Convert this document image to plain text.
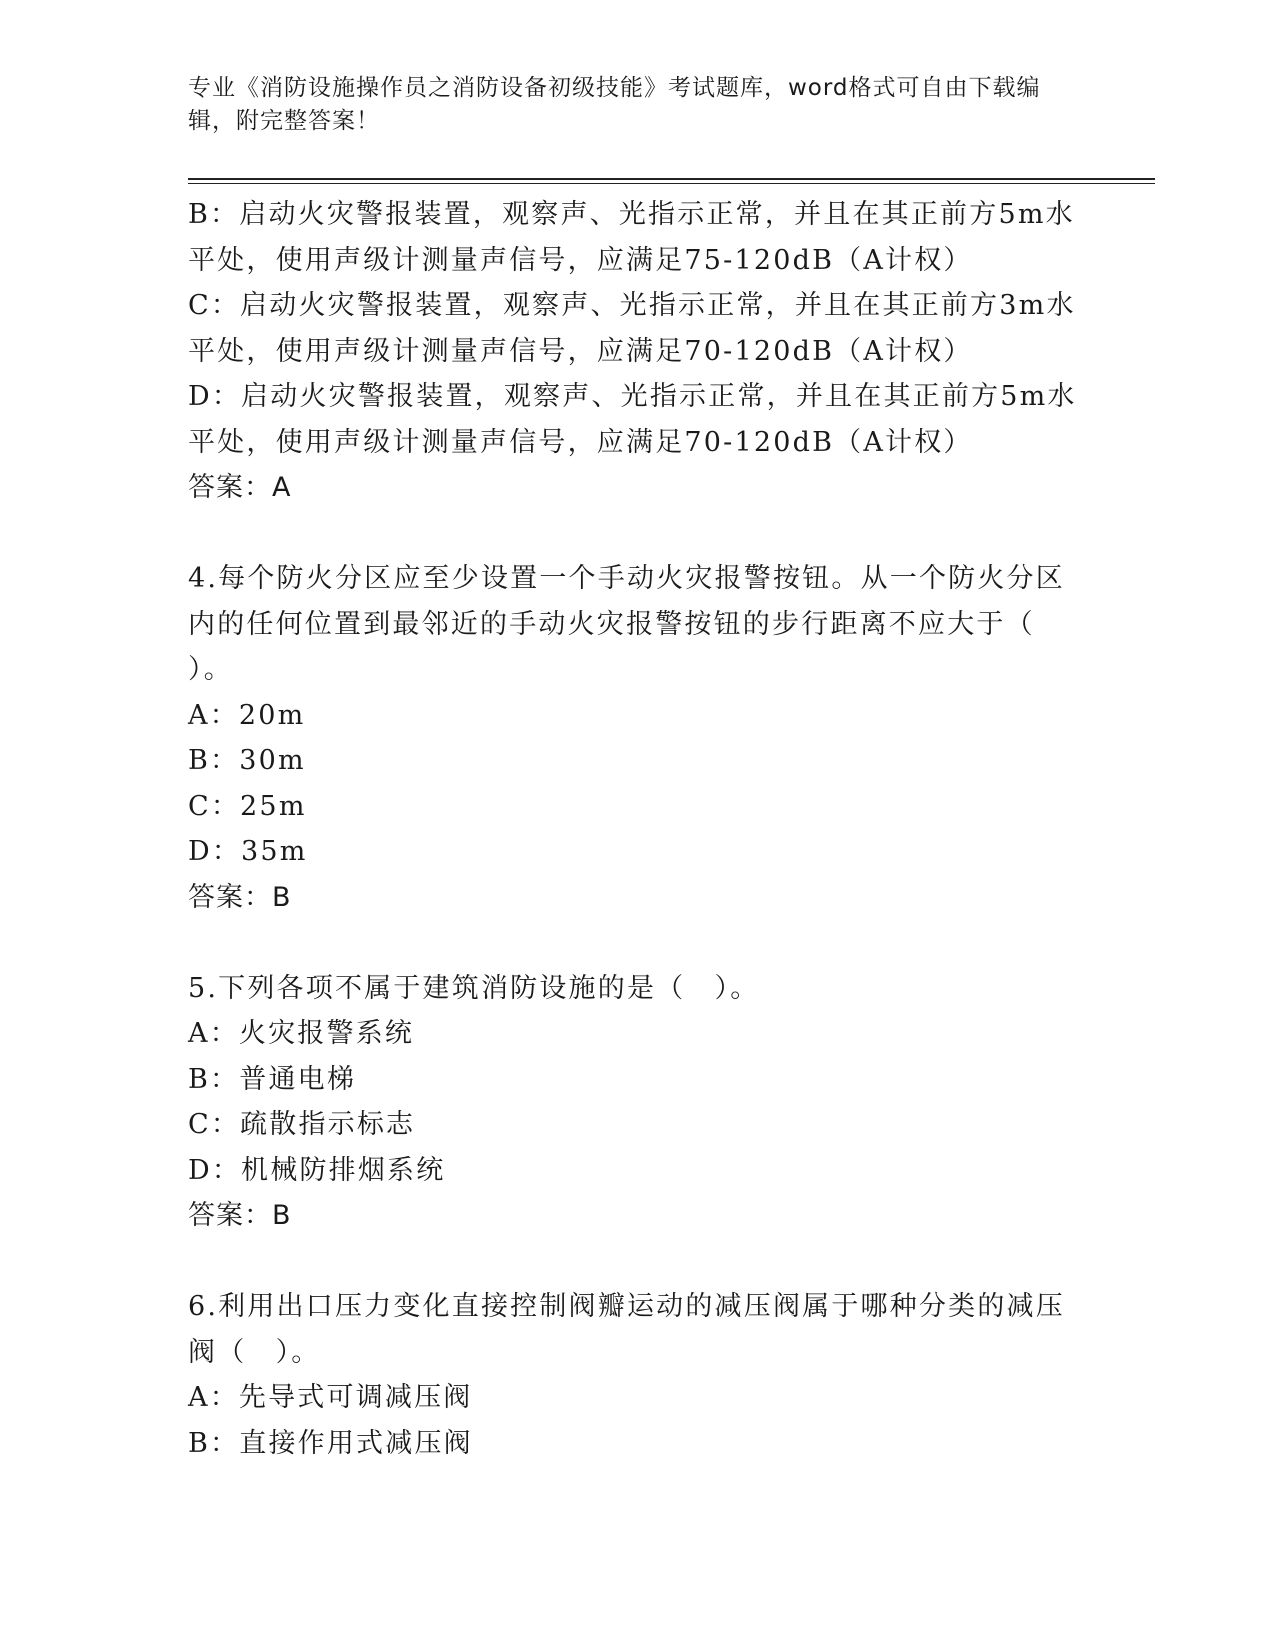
专业《消防设施操作员之消防设备初级技能》考试题库，word格式可自由下载编
辑，附完整答案！
B：启动火灾警报装置，观察声、光指示正常，并且在其正前方5m水
平处，使用声级计测量声信号，应满足75-120dB（A计权）
C：启动火灾警报装置，观察声、光指示正常，并且在其正前方3m水
平处，使用声级计测量声信号，应满足70-120dB（A计权）
D：启动火灾警报装置，观察声、光指示正常，并且在其正前方5m水
平处，使用声级计测量声信号，应满足70-120dB（A计权）
答案：A
4.每个防火分区应至少设置一个手动火灾报警按钮。从一个防火分区
内的任何位置到最邻近的手动火灾报警按钮的步行距离不应大于（
）。
A：20m
B：30m
C：25m
D：35m
答案：B
5.下列各项不属于建筑消防设施的是（　）。
A：火灾报警系统
B：普通电梯
C：疏散指示标志
D：机械防排烟系统
答案：B
6.利用出口压力变化直接控制阀瓣运动的减压阀属于哪种分类的减压
阀（　）。
A：先导式可调减压阀
B：直接作用式减压阀
